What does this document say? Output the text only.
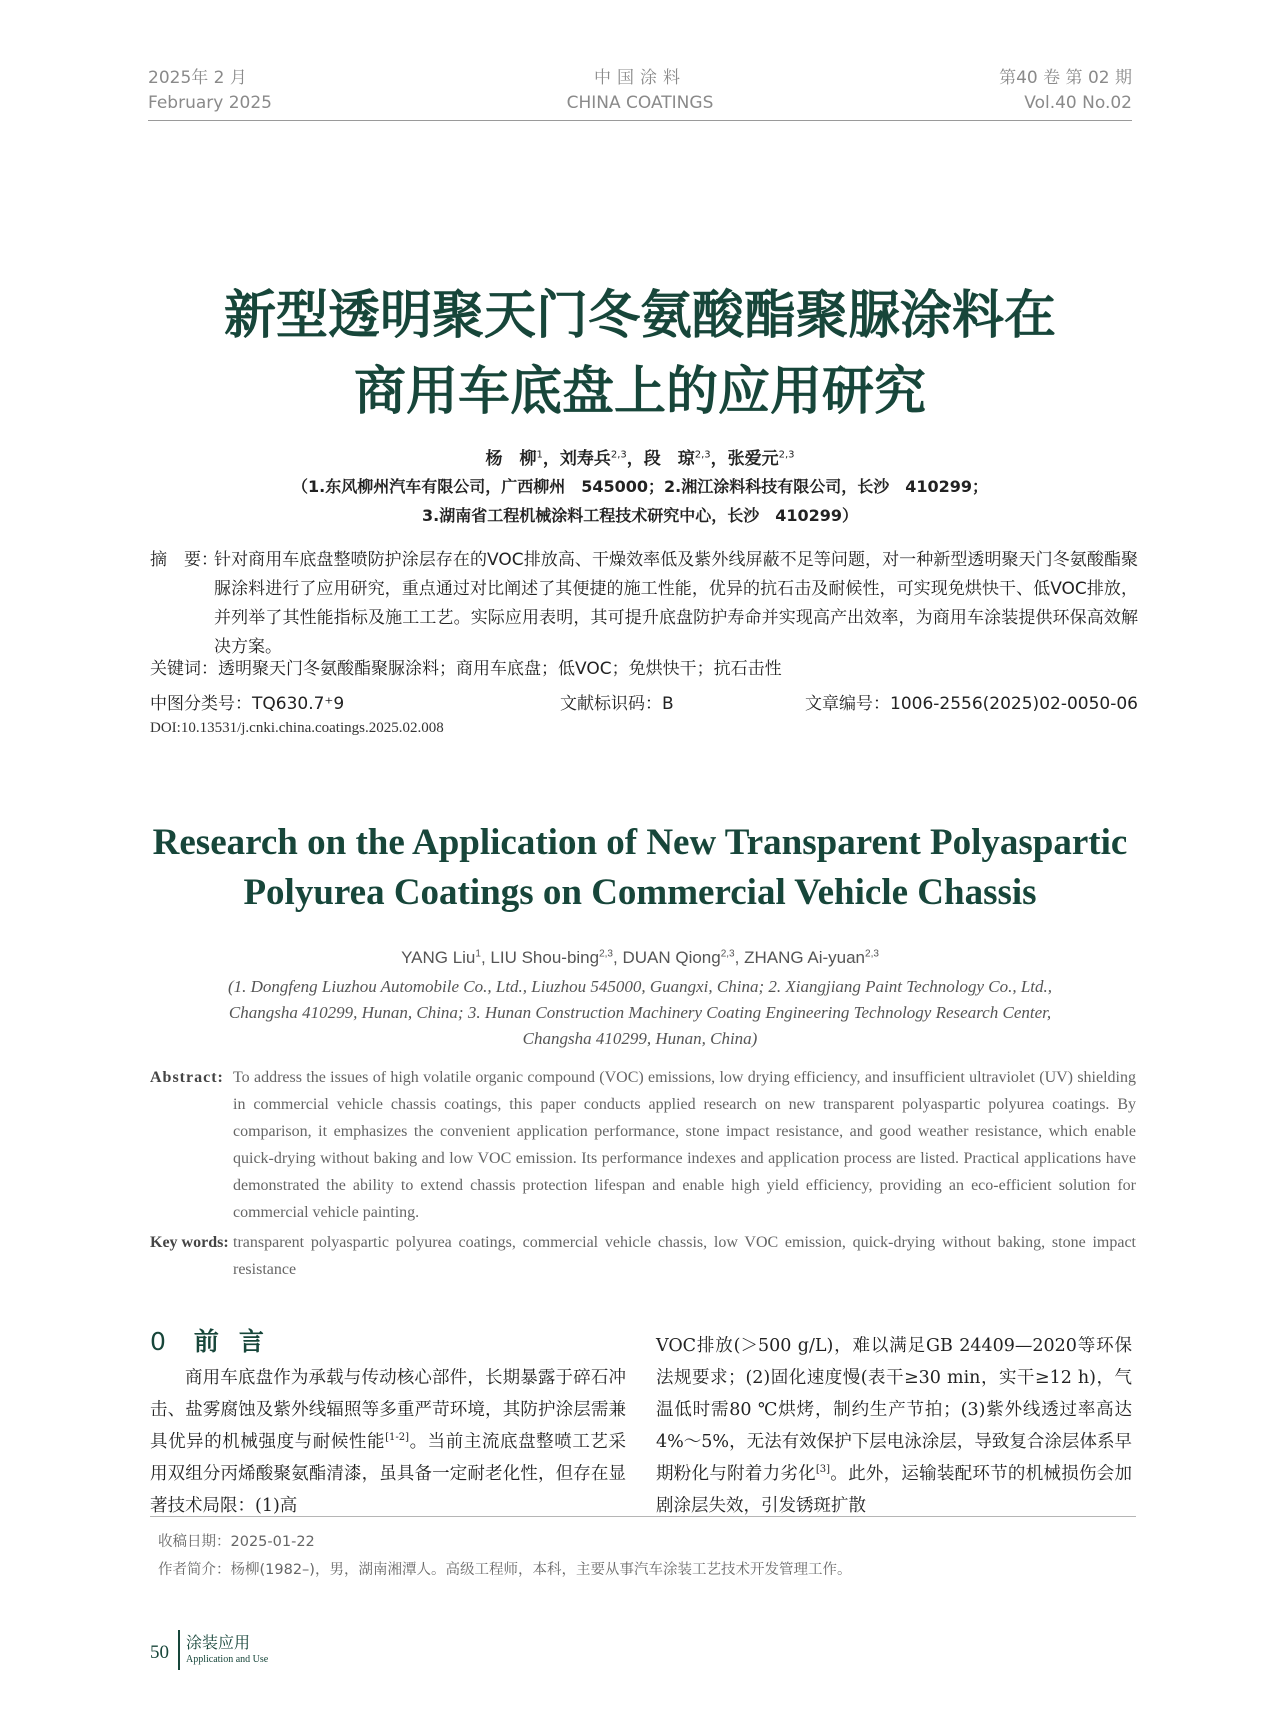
2025年 2 月
February 2025
中国涂料
CHINA COATINGS
第40 卷 第 02 期
Vol.40 No.02
新型透明聚天门冬氨酸酯聚脲涂料在
商用车底盘上的应用研究
杨　柳$^1$，刘寿兵$^{2,3}$，段　琼$^{2,3}$，张爱元$^{2,3}$
（1.东风柳州汽车有限公司，广西柳州　545000；2.湘江涂料科技有限公司，长沙　410299；
3.湖南省工程机械涂料工程技术研究中心，长沙　410299）
摘　要：
针对商用车底盘整喷防护涂层存在的VOC排放高、干燥效率低及紫外线屏蔽不足等问题，对一种新型透明聚天门冬氨酸酯聚脲涂料进行了应用研究，重点通过对比阐述了其便捷的施工性能，优异的抗石击及耐候性，可实现免烘快干、低VOC排放，并列举了其性能指标及施工工艺。实际应用表明，其可提升底盘防护寿命并实现高产出效率，为商用车涂装提供环保高效解决方案。
关键词：透明聚天门冬氨酸酯聚脲涂料；商用车底盘；低VOC；免烘快干；抗石击性
中图分类号：TQ630.7⁺9	文献标识码：B	文章编号：1006-2556(2025)02-0050-06
DOI:10.13531/j.cnki.china.coatings.2025.02.008
Research on the Application of New Transparent Polyaspartic
Polyurea Coatings on Commercial Vehicle Chassis
YANG Liu$^1$, LIU Shou-bing$^{2,3}$, DUAN Qiong$^{2,3}$, ZHANG Ai-yuan$^{2,3}$
(1. Dongfeng Liuzhou Automobile Co., Ltd., Liuzhou 545000, Guangxi, China; 2. Xiangjiang Paint Technology Co., Ltd.,
Changsha 410299, Hunan, China; 3. Hunan Construction Machinery Coating Engineering Technology Research Center,
Changsha 410299, Hunan, China)
Abstract: To address the issues of high volatile organic compound (VOC) emissions, low drying efficiency, and insufficient ultraviolet (UV) shielding in commercial vehicle chassis coatings, this paper conducts applied research on new transparent polyaspartic polyurea coatings. By comparison, it emphasizes the convenient application performance, stone impact resistance, and good weather resistance, which enable quick-drying without baking and low VOC emission. Its performance indexes and application process are listed. Practical applications have demonstrated the ability to extend chassis protection lifespan and enable high yield efficiency, providing an eco-efficient solution for commercial vehicle painting.
Key words: transparent polyaspartic polyurea coatings, commercial vehicle chassis, low VOC emission, quick-drying without baking, stone impact resistance
0 前言
商用车底盘作为承载与传动核心部件，长期暴露于碎石冲击、盐雾腐蚀及紫外线辐照等多重严苛环境，其防护涂层需兼具优异的机械强度与耐候性能[1-2]。当前主流底盘整喷工艺采用双组分丙烯酸聚氨酯清漆，虽具备一定耐老化性，但存在显著技术局限：(1)高
VOC排放(＞500 g/L)，难以满足GB 24409—2020等环保法规要求；(2)固化速度慢(表干≥30 min，实干≥12 h)，气温低时需80 ℃烘烤，制约生产节拍；(3)紫外线透过率高达4%～5%，无法有效保护下层电泳涂层，导致复合涂层体系早期粉化与附着力劣化[3]。此外，运输装配环节的机械损伤会加剧涂层失效，引发锈斑扩散
收稿日期：2025-01-22
作者简介：杨柳(1982–)，男，湖南湘潭人。高级工程师，本科，主要从事汽车涂装工艺技术开发管理工作。
50 涂装应用
Application and Use
